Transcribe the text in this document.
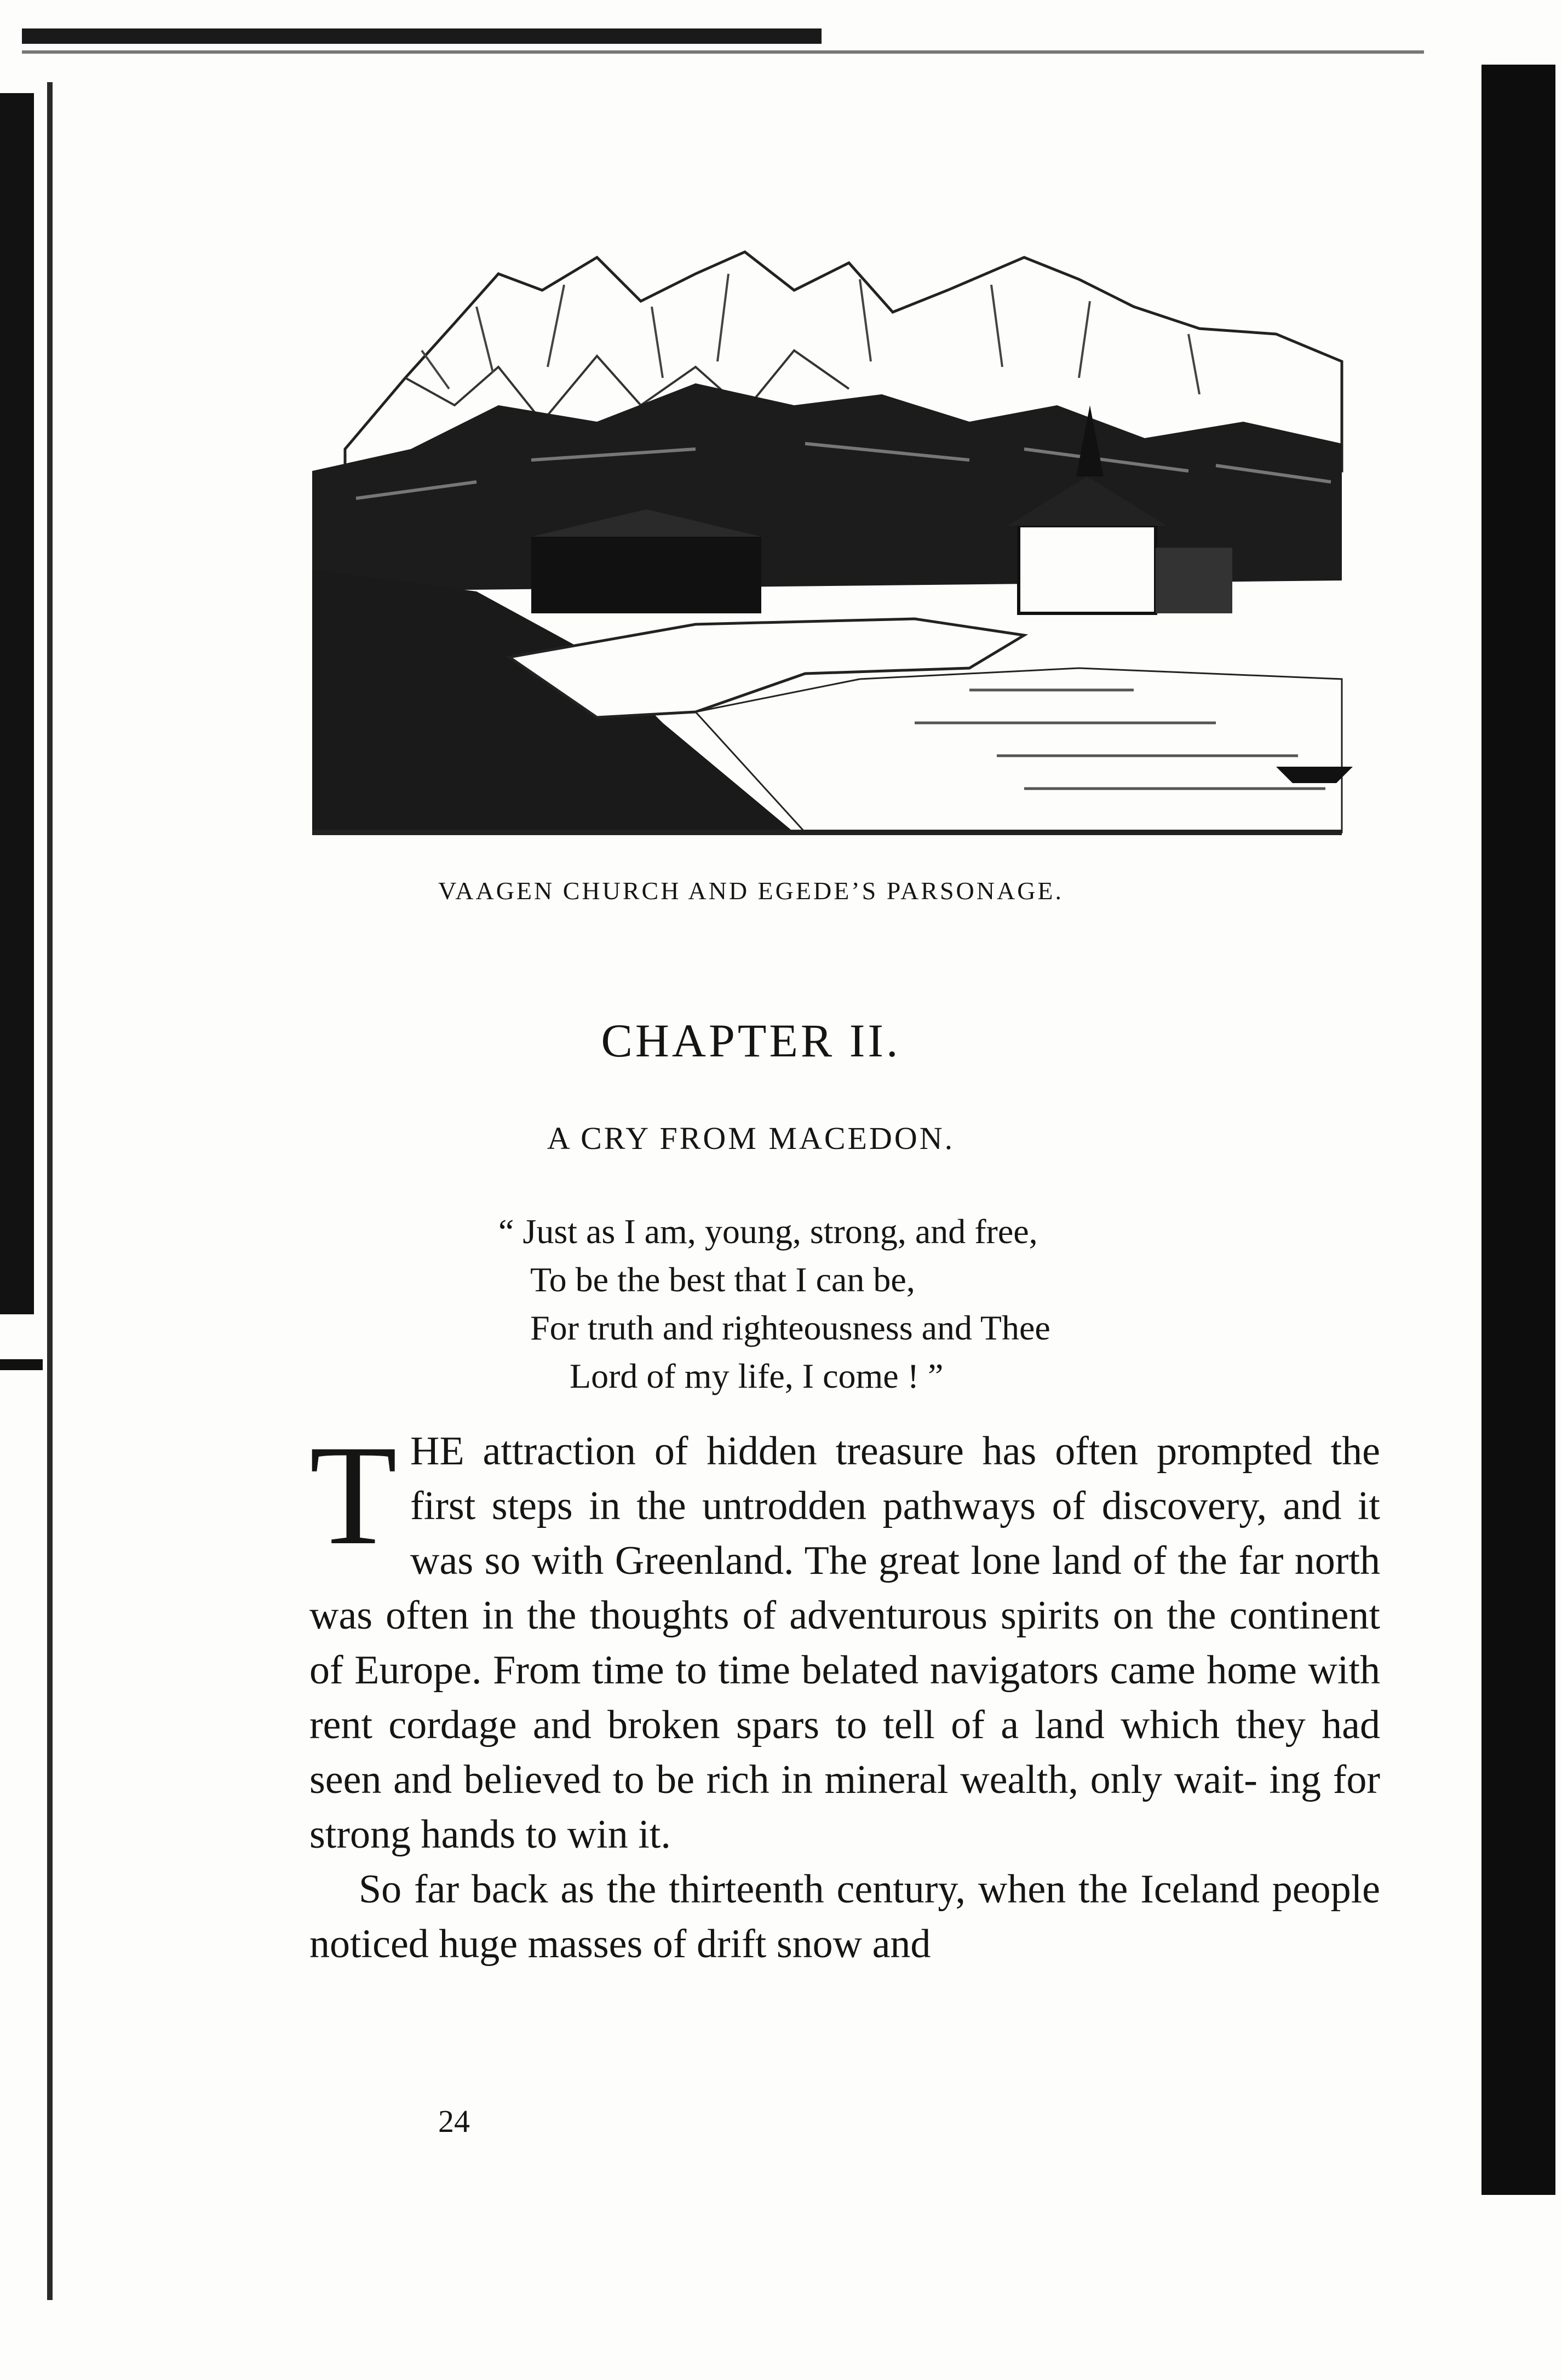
VAAGEN CHURCH AND EGEDE’S PARSONAGE.
CHAPTER II.
A CRY FROM MACEDON.
“ Just as I am, young, strong, and free,
To be the best that I can be,
For truth and righteousness and Thee
Lord of my life, I come ! ”

THE attraction of hidden treasure has often prompted the first steps in the untrodden pathways of discovery, and it was so with Greenland. The great lone land of the far north was often in the thoughts of adventurous spirits on the continent of Europe. From time to time belated navigators came home with rent cordage and broken spars to tell of a land which they had seen and believed to be rich in mineral wealth, only wait- ing for strong hands to win it.

So far back as the thirteenth century, when the Iceland people noticed huge masses of drift snow and

24
